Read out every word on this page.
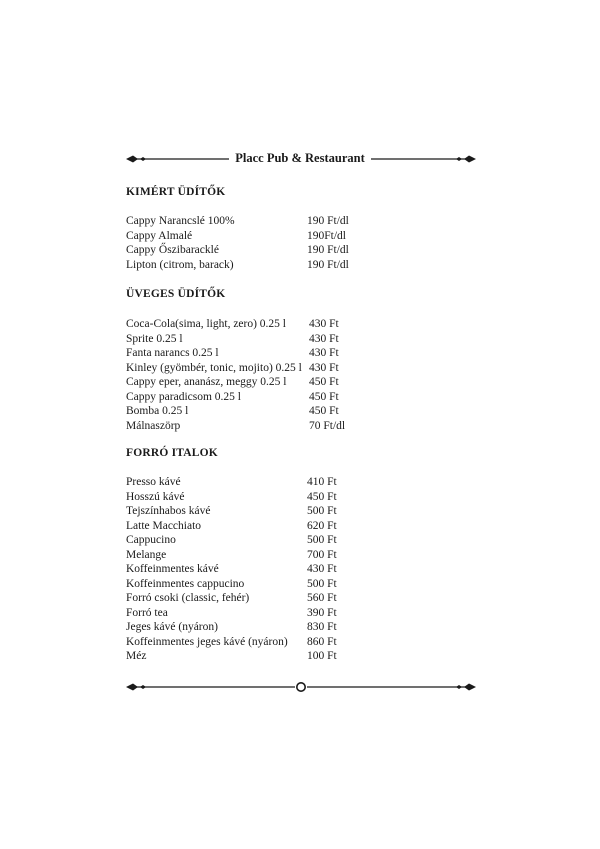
Placc Pub & Restaurant
KIMÉRT ÜDÍTŐK
Cappy Narancslé 100%	190 Ft/dl
Cappy Almalé	190Ft/dl
Cappy Őszibaracklé	190 Ft/dl
Lipton (citrom, barack)	190 Ft/dl
ÜVEGES ÜDÍTŐK
Coca-Cola(sima, light, zero) 0.25 l 430 Ft
Sprite 0.25 l	430 Ft
Fanta narancs 0.25 l	430 Ft
Kinley (gyömbér, tonic, mojito) 0.25 l 430 Ft
Cappy eper, ananász, meggy 0.25 l 450 Ft
Cappy paradicsom 0.25 l	450 Ft
Bomba 0.25 l	450 Ft
Málnaszörp	70 Ft/dl
FORRÓ ITALOK
Presso kávé	410 Ft
Hosszú kávé	450 Ft
Tejszínhabos kávé	500 Ft
Latte Macchiato	620 Ft
Cappucino	500 Ft
Melange	700 Ft
Koffeinmentes kávé	430 Ft
Koffeinmentes cappucino	500 Ft
Forró csoki (classic, fehér)	560 Ft
Forró tea	390 Ft
Jeges kávé (nyáron)	830 Ft
Koffeinmentes jeges kávé (nyáron) 860 Ft
Méz	100 Ft
